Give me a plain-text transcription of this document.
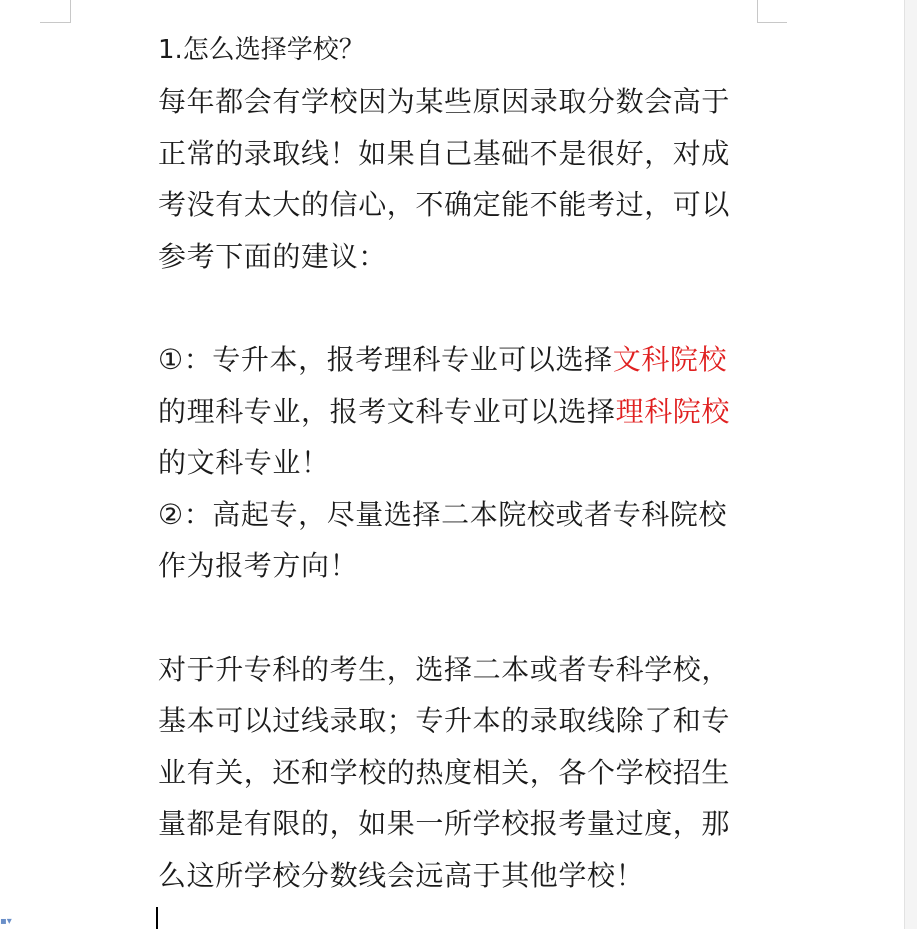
1.怎么选择学校？
每年都会有学校因为某些原因录取分数会高于
正常的录取线！如果自己基础不是很好，对成
考没有太大的信心，不确定能不能考过，可以
参考下面的建议：
①：专升本，报考理科专业可以选择文科院校
的理科专业，报考文科专业可以选择理科院校
的文科专业！
②：高起专，尽量选择二本院校或者专科院校
作为报考方向！
对于升专科的考生，选择二本或者专科学校，
基本可以过线录取；专升本的录取线除了和专
业有关，还和学校的热度相关，各个学校招生
量都是有限的，如果一所学校报考量过度，那
么这所学校分数线会远高于其他学校！
▪▾
